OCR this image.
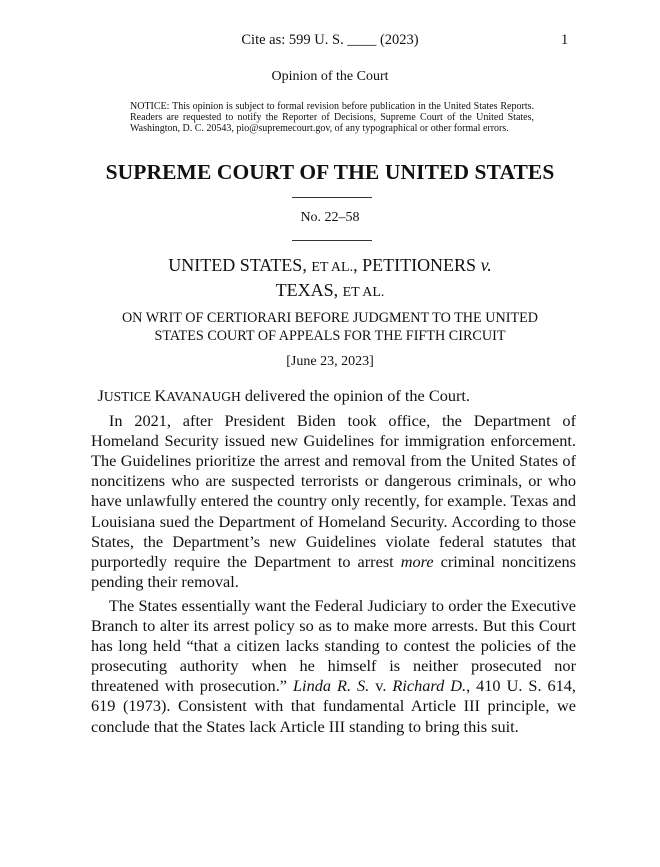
Cite as: 599 U. S. ____ (2023)	1
Opinion of the Court
NOTICE: This opinion is subject to formal revision before publication in the United States Reports. Readers are requested to notify the Reporter of Decisions, Supreme Court of the United States, Washington, D. C. 20543, pio@supremecourt.gov, of any typographical or other formal errors.
SUPREME COURT OF THE UNITED STATES
No. 22–58
UNITED STATES, ET AL., PETITIONERS v.
TEXAS, ET AL.
ON WRIT OF CERTIORARI BEFORE JUDGMENT TO THE UNITED
STATES COURT OF APPEALS FOR THE FIFTH CIRCUIT
[June 23, 2023]

JUSTICE KAVANAUGH delivered the opinion of the Court.

In 2021, after President Biden took office, the Department of Homeland Security issued new Guidelines for immigration enforcement. The Guidelines prioritize the arrest and removal from the United States of noncitizens who are suspected terrorists or dangerous criminals, or who have unlawfully entered the country only recently, for example. Texas and Louisiana sued the Department of Homeland Security. According to those States, the Department’s new Guidelines violate federal statutes that purportedly require the Department to arrest more criminal noncitizens pending their removal.

The States essentially want the Federal Judiciary to order the Executive Branch to alter its arrest policy so as to make more arrests. But this Court has long held “that a citizen lacks standing to contest the policies of the prosecuting authority when he himself is neither prosecuted nor threatened with prosecution.” Linda R. S. v. Richard D., 410 U. S. 614, 619 (1973). Consistent with that fundamental Article III principle, we conclude that the States lack Article III standing to bring this suit.
